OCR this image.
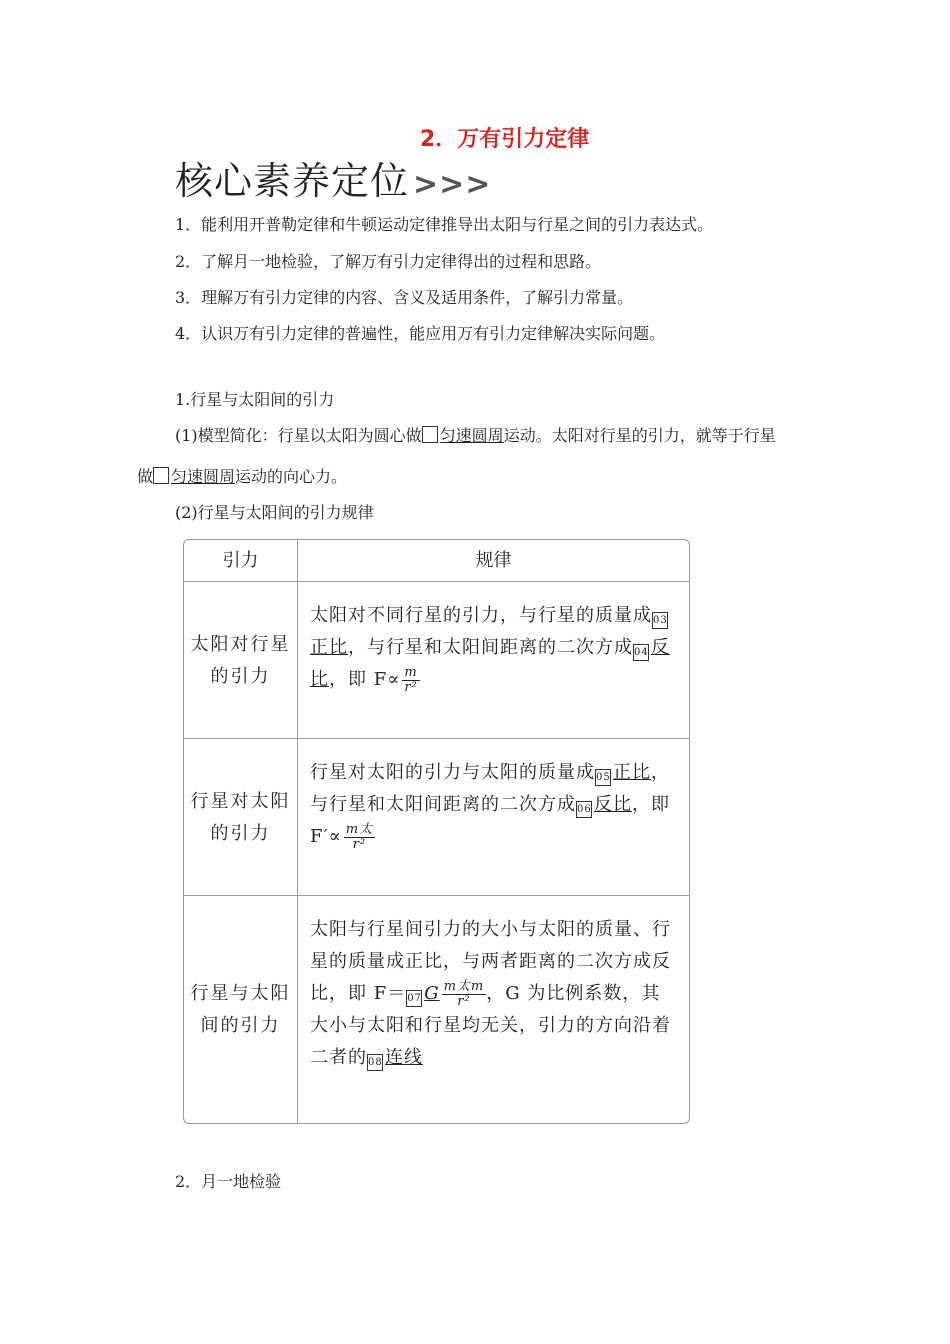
2．万有引力定律
核心素养定位 >>>
1．能利用开普勒定律和牛顿运动定律推导出太阳与行星之间的引力表达式。
2．了解月一地检验，了解万有引力定律得出的过程和思路。
3．理解万有引力定律的内容、含义及适用条件，了解引力常量。
4．认识万有引力定律的普遍性，能应用万有引力定律解决实际问题。
1.行星与太阳间的引力
(1)模型简化：行星以太阳为圆心做 匀速圆周运动。太阳对行星的引力，就等于行星
做 匀速圆周运动的向心力。
(2)行星与太阳间的引力规律
引力	规律
太阳对行星的引力
太阳对不同行星的引力，与行星的质量成03正比，与行星和太阳间距离的二次方成04 反比，即 $F\propto \frac{m}{\text{r²}}$
行星对太阳的引力
行星对太阳的引力与太阳的质量成05 正比，与行星和太阳间距离的二次方成06 反比，即 $F'\propto \frac{\text{m太}}{\text{r²}}$
行星与太阳间的引力
太阳与行星间引力的大小与太阳的质量、行星的质量成正比，与两者距离的二次方成反比，即 F＝07 G $\frac{\text{m太m}}{\text{r²}}$ ，G 为比例系数，其大小与太阳和行星均无关，引力的方向沿着二者的08 连线
2．月一地检验
